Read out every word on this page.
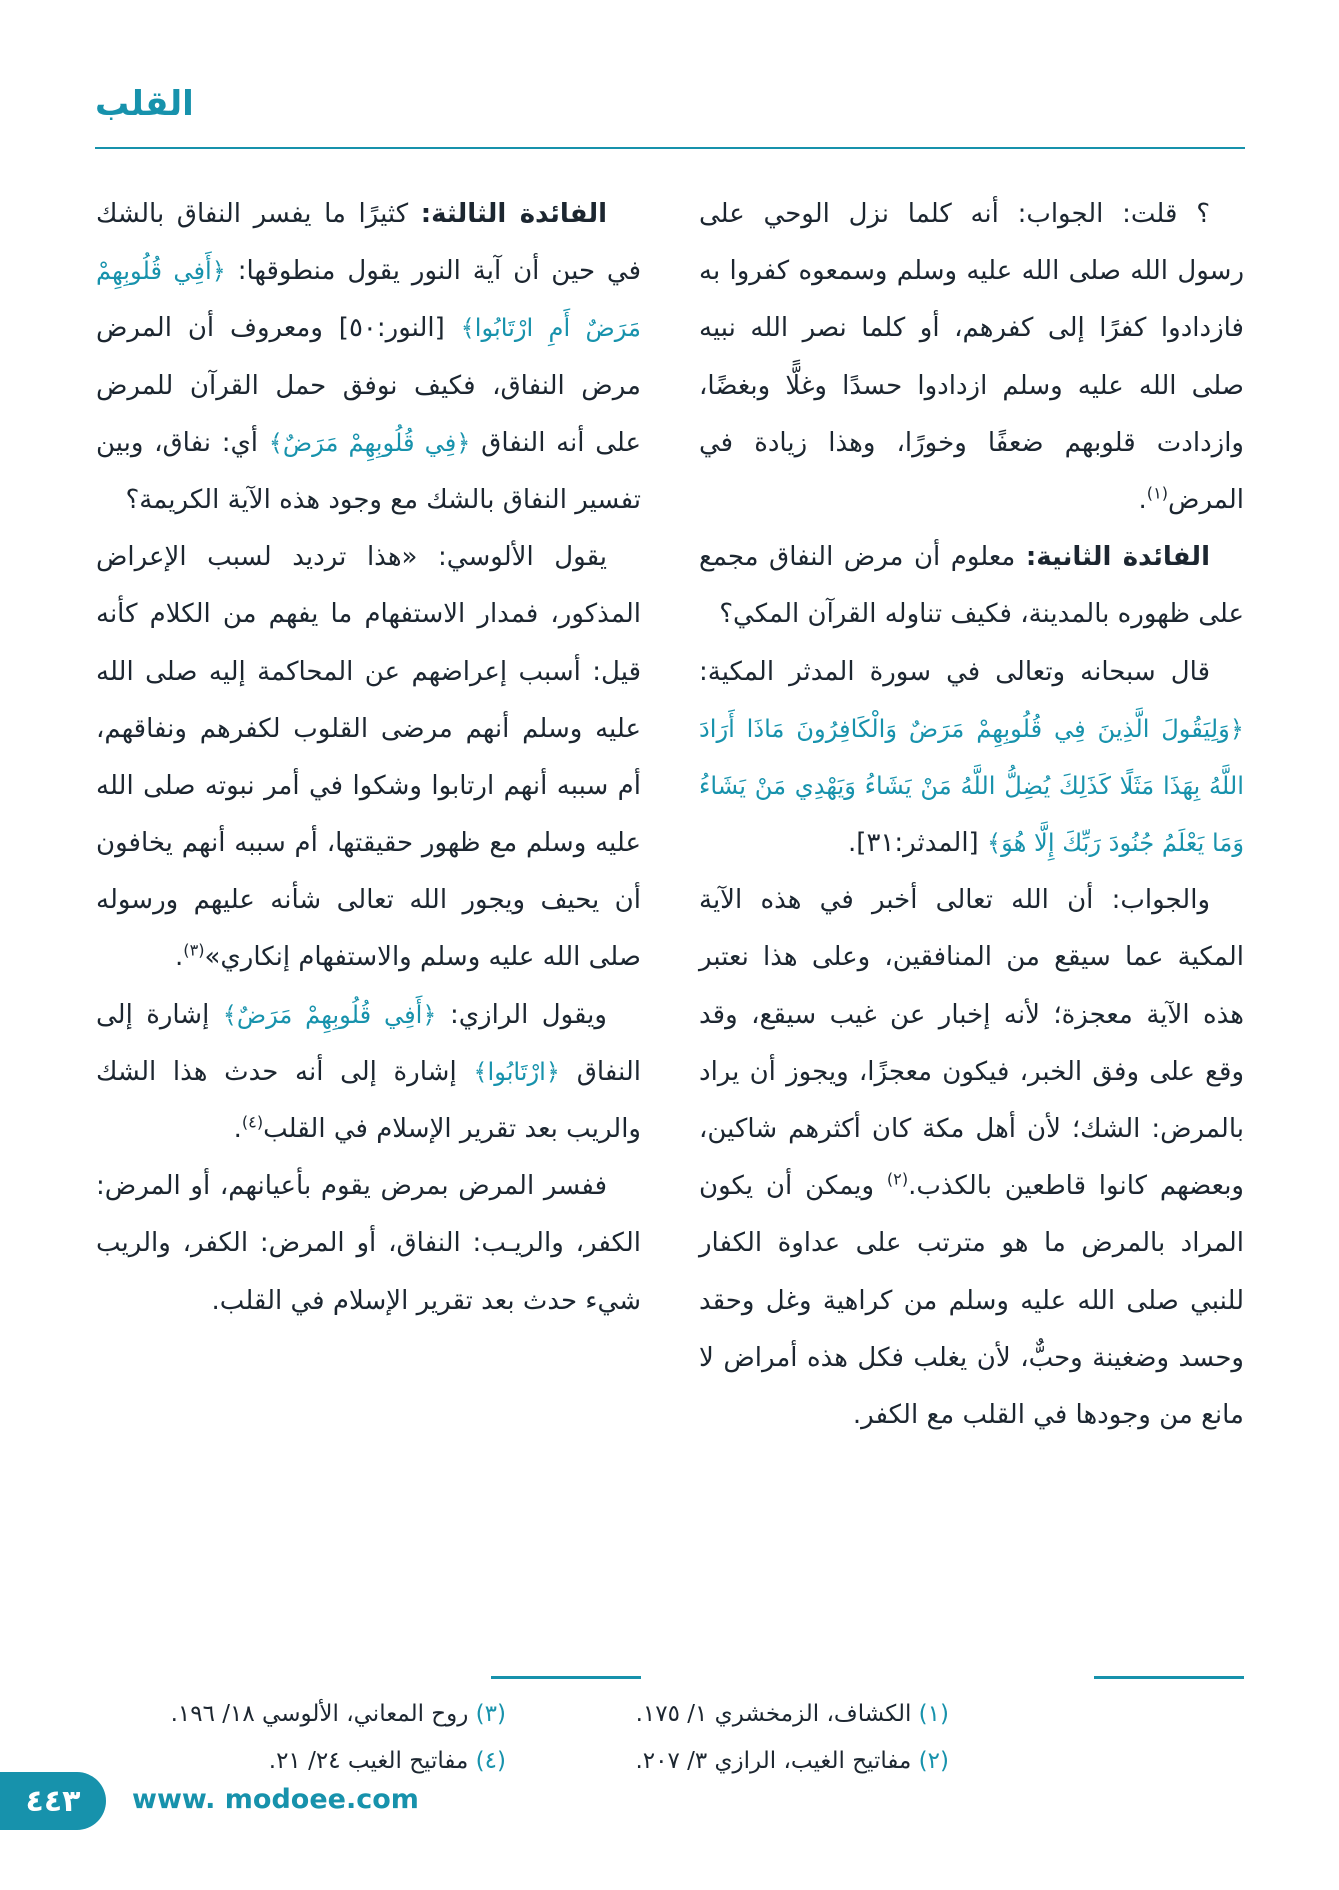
القلب

؟ قلت: الجواب: أنه كلما نزل الوحي على رسول الله صلى الله عليه وسلم وسمعوه كفروا به فازدادوا كفرًا إلى كفرهم، أو كلما نصر الله نبيه صلى الله عليه وسلم ازدادوا حسدًا وغلًّا وبغضًا، وازدادت قلوبهم ضعفًا وخورًا، وهذا زيادة في المرض$^{(١)}$.

الفائدة الثانية: معلوم أن مرض النفاق مجمع على ظهوره بالمدينة، فكيف تناوله القرآن المكي؟

قال سبحانه وتعالى في سورة المدثر المكية: ﴿وَلِيَقُولَ الَّذِينَ فِي قُلُوبِهِمْ مَرَضٌ وَالْكَافِرُونَ مَاذَا أَرَادَ اللَّهُ بِهَذَا مَثَلًا كَذَلِكَ يُضِلُّ اللَّهُ مَنْ يَشَاءُ وَيَهْدِي مَنْ يَشَاءُ وَمَا يَعْلَمُ جُنُودَ رَبِّكَ إِلَّا هُوَ﴾ [المدثر:٣١].

والجواب: أن الله تعالى أخبر في هذه الآية المكية عما سيقع من المنافقين، وعلى هذا نعتبر هذه الآية معجزة؛ لأنه إخبار عن غيب سيقع، وقد وقع على وفق الخبر، فيكون معجزًا، ويجوز أن يراد بالمرض: الشك؛ لأن أهل مكة كان أكثرهم شاكين، وبعضهم كانوا قاطعين بالكذب.$^{(٢)}$ ويمكن أن يكون المراد بالمرض ما هو مترتب على عداوة الكفار للنبي صلى الله عليه وسلم من كراهية وغل وحقد وحسد وضغينة وحبٌّ، لأن يغلب فكل هذه أمراض لا مانع من وجودها في القلب مع الكفر.

الفائدة الثالثة: كثيرًا ما يفسر النفاق بالشك في حين أن آية النور يقول منطوقها: ﴿أَفِي قُلُوبِهِمْ مَرَضٌ أَمِ ارْتَابُوا﴾ [النور:٥٠] ومعروف أن المرض مرض النفاق، فكيف نوفق حمل القرآن للمرض على أنه النفاق ﴿فِي قُلُوبِهِمْ مَرَضٌ﴾ أي: نفاق، وبين تفسير النفاق بالشك مع وجود هذه الآية الكريمة؟

يقول الألوسي: «هذا ترديد لسبب الإعراض المذكور، فمدار الاستفهام ما يفهم من الكلام كأنه قيل: أسبب إعراضهم عن المحاكمة إليه صلى الله عليه وسلم أنهم مرضى القلوب لكفرهم ونفاقهم، أم سببه أنهم ارتابوا وشكوا في أمر نبوته صلى الله عليه وسلم مع ظهور حقيقتها، أم سببه أنهم يخافون أن يحيف ويجور الله تعالى شأنه عليهم ورسوله صلى الله عليه وسلم والاستفهام إنكاري»$^{(٣)}$.

ويقول الرازي: ﴿أَفِي قُلُوبِهِمْ مَرَضٌ﴾ إشارة إلى النفاق ﴿ارْتَابُوا﴾ إشارة إلى أنه حدث هذا الشك والريب بعد تقرير الإسلام في القلب$^{(٤)}$.

ففسر المرض بمرض يقوم بأعيانهم، أو المرض: الكفر، والريـب: النفاق، أو المرض: الكفر، والريب شيء حدث بعد تقرير الإسلام في القلب.

(١) الكشاف، الزمخشري ١/ ١٧٥.
(٢) مفاتيح الغيب، الرازي ٣/ ٢٠٧.
(٣) روح المعاني، الألوسي ١٨/ ١٩٦.
(٤) مفاتيح الغيب ٢٤/ ٢١.
٤٤٣	www. modoee.com
